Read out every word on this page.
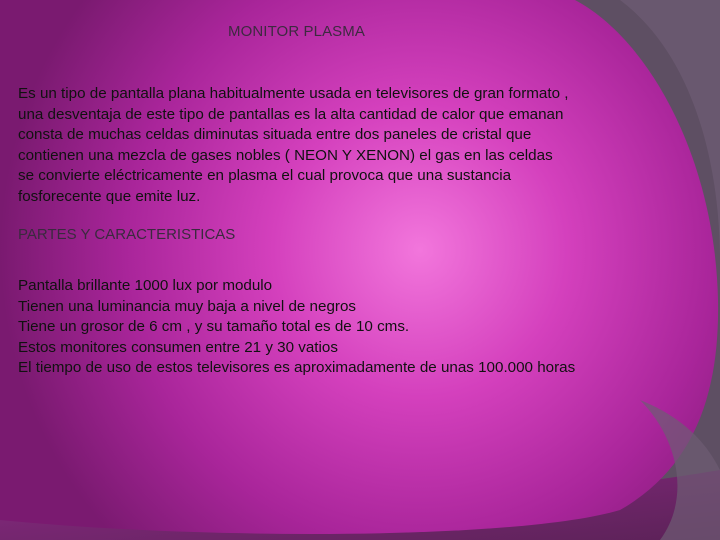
MONITOR PLASMA
Es un tipo de pantalla plana habitualmente usada en televisores de gran formato ,
una desventaja de este tipo de pantallas es la alta cantidad de calor que emanan
consta de muchas celdas diminutas situada entre dos paneles de cristal que
contienen una mezcla de gases nobles ( NEON Y XENON) el gas en las celdas
se convierte eléctricamente en plasma el cual provoca que una sustancia
fosforecente que emite luz.
PARTES Y CARACTERISTICAS
Pantalla brillante 1000 lux por modulo
Tienen una luminancia muy baja a nivel de negros
Tiene un grosor de 6 cm , y su tamaño total es de 10 cms.
Estos monitores consumen entre 21 y 30 vatios
El tiempo de uso de estos televisores es aproximadamente de unas 100.000 horas
